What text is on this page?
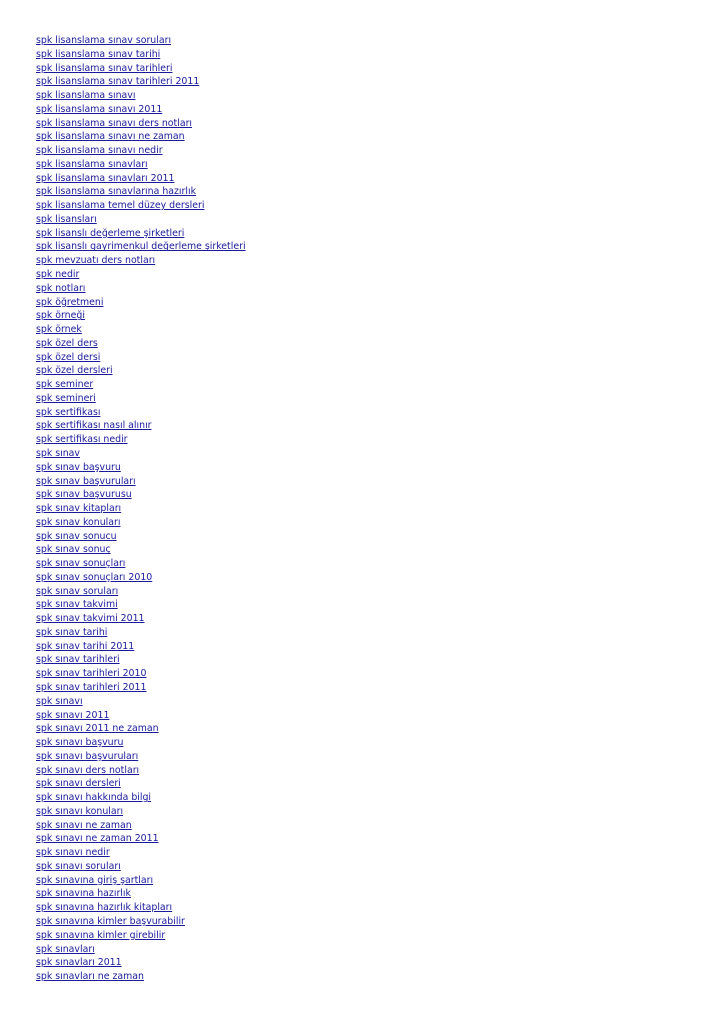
spk lisanslama sınav soruları
spk lisanslama sınav tarihi
spk lisanslama sınav tarihleri
spk lisanslama sınav tarihleri 2011
spk lisanslama sınavı
spk lisanslama sınavı 2011
spk lisanslama sınavı ders notları
spk lisanslama sınavı ne zaman
spk lisanslama sınavı nedir
spk lisanslama sınavları
spk lisanslama sınavları 2011
spk lisanslama sınavlarına hazırlık
spk lisanslama temel düzey dersleri
spk lisansları
spk lisanslı değerleme şirketleri
spk lisanslı gayrimenkul değerleme şirketleri
spk mevzuatı ders notları
spk nedir
spk notları
spk öğretmeni
spk örneği
spk örnek
spk özel ders
spk özel dersi
spk özel dersleri
spk seminer
spk semineri
spk sertifikası
spk sertifikası nasıl alınır
spk sertifikası nedir
spk sınav
spk sınav başvuru
spk sınav başvuruları
spk sınav başvurusu
spk sınav kitapları
spk sınav konuları
spk sınav sonucu
spk sınav sonuç
spk sınav sonuçları
spk sınav sonuçları 2010
spk sınav soruları
spk sınav takvimi
spk sınav takvimi 2011
spk sınav tarihi
spk sınav tarihi 2011
spk sınav tarihleri
spk sınav tarihleri 2010
spk sınav tarihleri 2011
spk sınavı
spk sınavı 2011
spk sınavı 2011 ne zaman
spk sınavı başvuru
spk sınavı başvuruları
spk sınavı ders notları
spk sınavı dersleri
spk sınavı hakkında bilgi
spk sınavı konuları
spk sınavı ne zaman
spk sınavı ne zaman 2011
spk sınavı nedir
spk sınavı soruları
spk sınavına giriş şartları
spk sınavına hazırlık
spk sınavına hazırlık kitapları
spk sınavına kimler başvurabilir
spk sınavına kimler girebilir
spk sınavları
spk sınavları 2011
spk sınavları ne zaman
